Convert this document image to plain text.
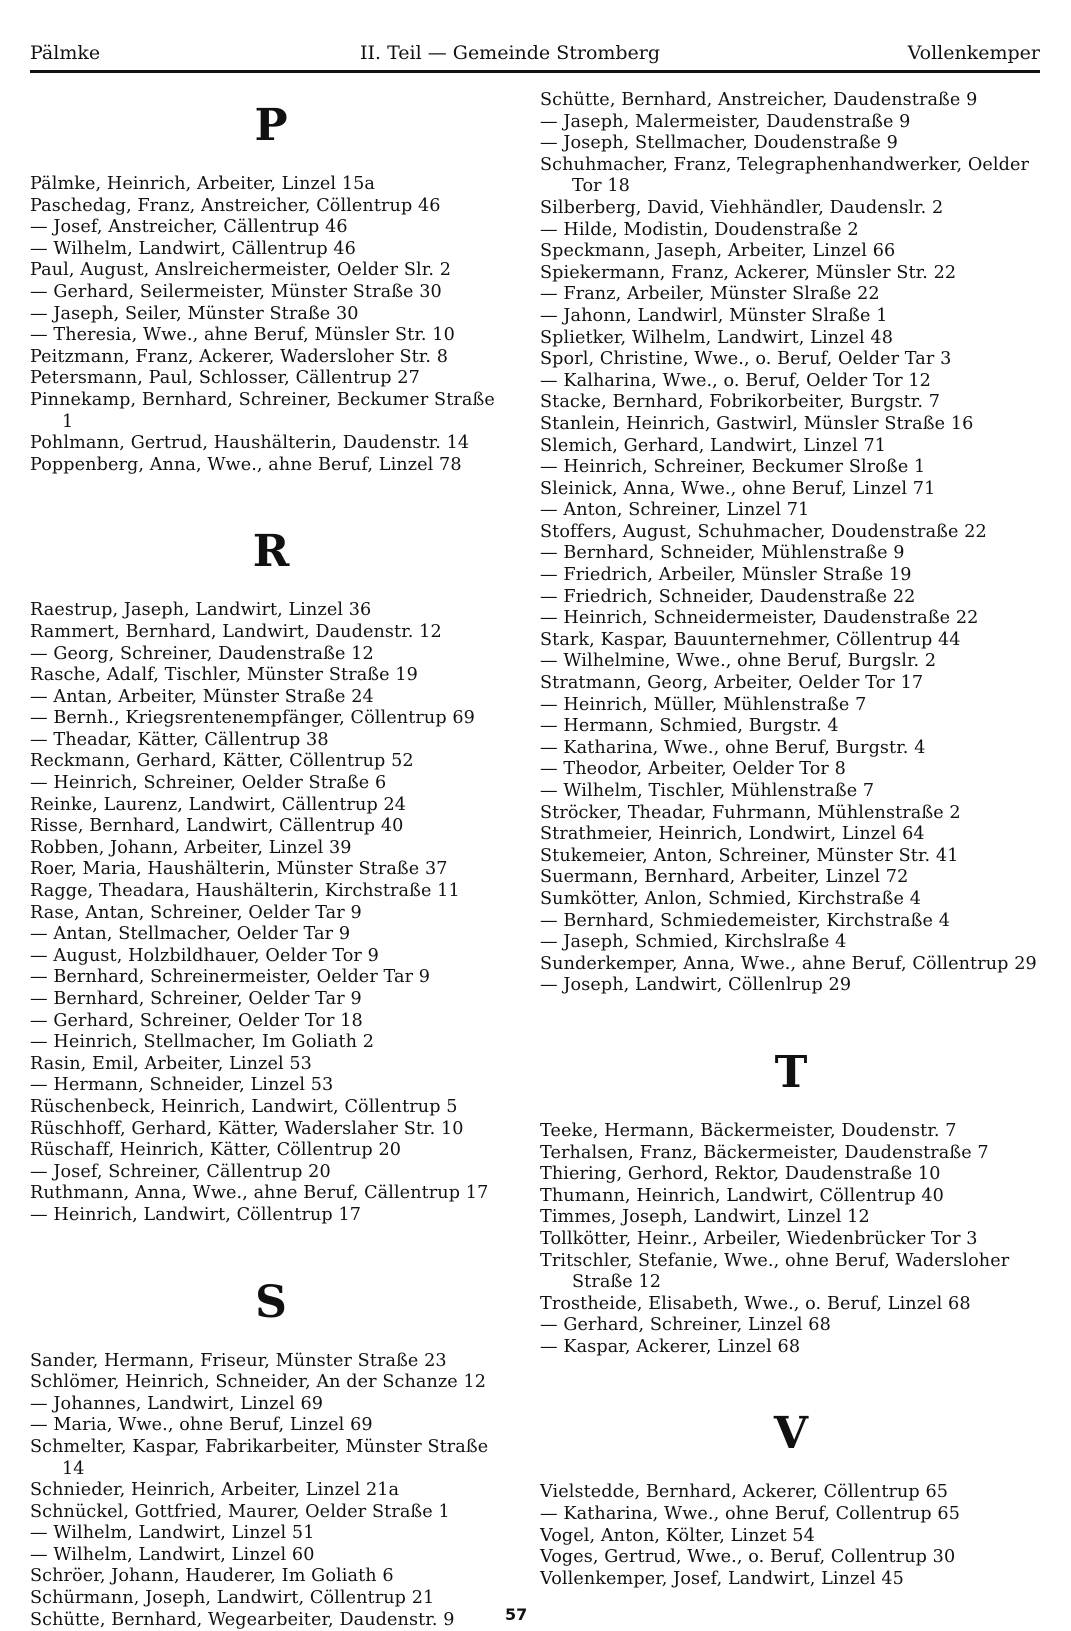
Pälmke	II. Teil — Gemeinde Stromberg	Vollenkemper
P
Pälmke, Heinrich, Arbeiter, Linzel 15a
Paschedag, Franz, Anstreicher, Cöllentrup 46
— Josef, Anstreicher, Cällentrup 46
— Wilhelm, Landwirt, Cällentrup 46
Paul, August, Anslreichermeister, Oelder Slr. 2
— Gerhard, Seilermeister, Münster Straße 30
— Jaseph, Seiler, Münster Straße 30
— Theresia, Wwe., ahne Beruf, Münsler Str. 10
Peitzmann, Franz, Ackerer, Wadersloher Str. 8
Petersmann, Paul, Schlosser, Cällentrup 27
Pinnekamp, Bernhard, Schreiner, Beckumer Straße 1
Pohlmann, Gertrud, Haushälterin, Daudenstr. 14
Poppenberg, Anna, Wwe., ahne Beruf, Linzel 78
R
Raestrup, Jaseph, Landwirt, Linzel 36
Rammert, Bernhard, Landwirt, Daudenstr. 12
— Georg, Schreiner, Daudenstraße 12
Rasche, Adalf, Tischler, Münster Straße 19
— Antan, Arbeiter, Münster Straße 24
— Bernh., Kriegsrentenempfänger, Cöllentrup 69
— Theadar, Kätter, Cällentrup 38
Reckmann, Gerhard, Kätter, Cöllentrup 52
— Heinrich, Schreiner, Oelder Straße 6
Reinke, Laurenz, Landwirt, Cällentrup 24
Risse, Bernhard, Landwirt, Cällentrup 40
Robben, Johann, Arbeiter, Linzel 39
Roer, Maria, Haushälterin, Münster Straße 37
Ragge, Theadara, Haushälterin, Kirchstraße 11
Rase, Antan, Schreiner, Oelder Tar 9
— Antan, Stellmacher, Oelder Tar 9
— August, Holzbildhauer, Oelder Tor 9
— Bernhard, Schreinermeister, Oelder Tar 9
— Bernhard, Schreiner, Oelder Tar 9
— Gerhard, Schreiner, Oelder Tor 18
— Heinrich, Stellmacher, Im Goliath 2
Rasin, Emil, Arbeiter, Linzel 53
— Hermann, Schneider, Linzel 53
Rüschenbeck, Heinrich, Landwirt, Cöllentrup 5
Rüschhoff, Gerhard, Kätter, Waderslaher Str. 10
Rüschaff, Heinrich, Kätter, Cöllentrup 20
— Josef, Schreiner, Cällentrup 20
Ruthmann, Anna, Wwe., ahne Beruf, Cällentrup 17
— Heinrich, Landwirt, Cöllentrup 17
S
Sander, Hermann, Friseur, Münster Straße 23
Schlömer, Heinrich, Schneider, An der Schanze 12
— Johannes, Landwirt, Linzel 69
— Maria, Wwe., ohne Beruf, Linzel 69
Schmelter, Kaspar, Fabrikarbeiter, Münster Straße 14
Schnieder, Heinrich, Arbeiter, Linzel 21a
Schnückel, Gottfried, Maurer, Oelder Straße 1
— Wilhelm, Landwirt, Linzel 51
— Wilhelm, Landwirt, Linzel 60
Schröer, Johann, Hauderer, Im Goliath 6
Schürmann, Joseph, Landwirt, Cöllentrup 21
Schütte, Bernhard, Wegearbeiter, Daudenstr. 9
Schütte, Bernhard, Anstreicher, Daudenstraße 9
— Jaseph, Malermeister, Daudenstraße 9
— Joseph, Stellmacher, Doudenstraße 9
Schuhmacher, Franz, Telegraphenhandwerker, Oelder Tor 18
Silberberg, David, Viehhändler, Daudenslr. 2
— Hilde, Modistin, Doudenstraße 2
Speckmann, Jaseph, Arbeiter, Linzel 66
Spiekermann, Franz, Ackerer, Münsler Str. 22
— Franz, Arbeiler, Münster Slraße 22
— Jahonn, Landwirl, Münster Slraße 1
Splietker, Wilhelm, Landwirt, Linzel 48
Sporl, Christine, Wwe., o. Beruf, Oelder Tar 3
— Kalharina, Wwe., o. Beruf, Oelder Tor 12
Stacke, Bernhard, Fobrikorbeiter, Burgstr. 7
Stanlein, Heinrich, Gastwirl, Münsler Straße 16
Slemich, Gerhard, Landwirt, Linzel 71
— Heinrich, Schreiner, Beckumer Slroße 1
Sleinick, Anna, Wwe., ohne Beruf, Linzel 71
— Anton, Schreiner, Linzel 71
Stoffers, August, Schuhmacher, Doudenstraße 22
— Bernhard, Schneider, Mühlenstraße 9
— Friedrich, Arbeiler, Münsler Straße 19
— Friedrich, Schneider, Daudenstraße 22
— Heinrich, Schneidermeister, Daudenstraße 22
Stark, Kaspar, Bauunternehmer, Cöllentrup 44
— Wilhelmine, Wwe., ohne Beruf, Burgslr. 2
Stratmann, Georg, Arbeiter, Oelder Tor 17
— Heinrich, Müller, Mühlenstraße 7
— Hermann, Schmied, Burgstr. 4
— Katharina, Wwe., ohne Beruf, Burgstr. 4
— Theodor, Arbeiter, Oelder Tor 8
— Wilhelm, Tischler, Mühlenstraße 7
Ströcker, Theadar, Fuhrmann, Mühlenstraße 2
Strathmeier, Heinrich, Londwirt, Linzel 64
Stukemeier, Anton, Schreiner, Münster Str. 41
Suermann, Bernhard, Arbeiter, Linzel 72
Sumkötter, Anlon, Schmied, Kirchstraße 4
— Bernhard, Schmiedemeister, Kirchstraße 4
— Jaseph, Schmied, Kirchslraße 4
Sunderkemper, Anna, Wwe., ahne Beruf, Cöllentrup 29
— Joseph, Landwirt, Cöllenlrup 29
T
Teeke, Hermann, Bäckermeister, Doudenstr. 7
Terhalsen, Franz, Bäckermeister, Daudenstraße 7
Thiering, Gerhord, Rektor, Daudenstraße 10
Thumann, Heinrich, Landwirt, Cöllentrup 40
Timmes, Joseph, Landwirt, Linzel 12
Tollkötter, Heinr., Arbeiler, Wiedenbrücker Tor 3
Tritschler, Stefanie, Wwe., ohne Beruf, Wadersloher Straße 12
Trostheide, Elisabeth, Wwe., o. Beruf, Linzel 68
— Gerhard, Schreiner, Linzel 68
— Kaspar, Ackerer, Linzel 68
V
Vielstedde, Bernhard, Ackerer, Cöllentrup 65
— Katharina, Wwe., ohne Beruf, Collentrup 65
Vogel, Anton, Költer, Linzet 54
Voges, Gertrud, Wwe., o. Beruf, Collentrup 30
Vollenkemper, Josef, Landwirt, Linzel 45
57
